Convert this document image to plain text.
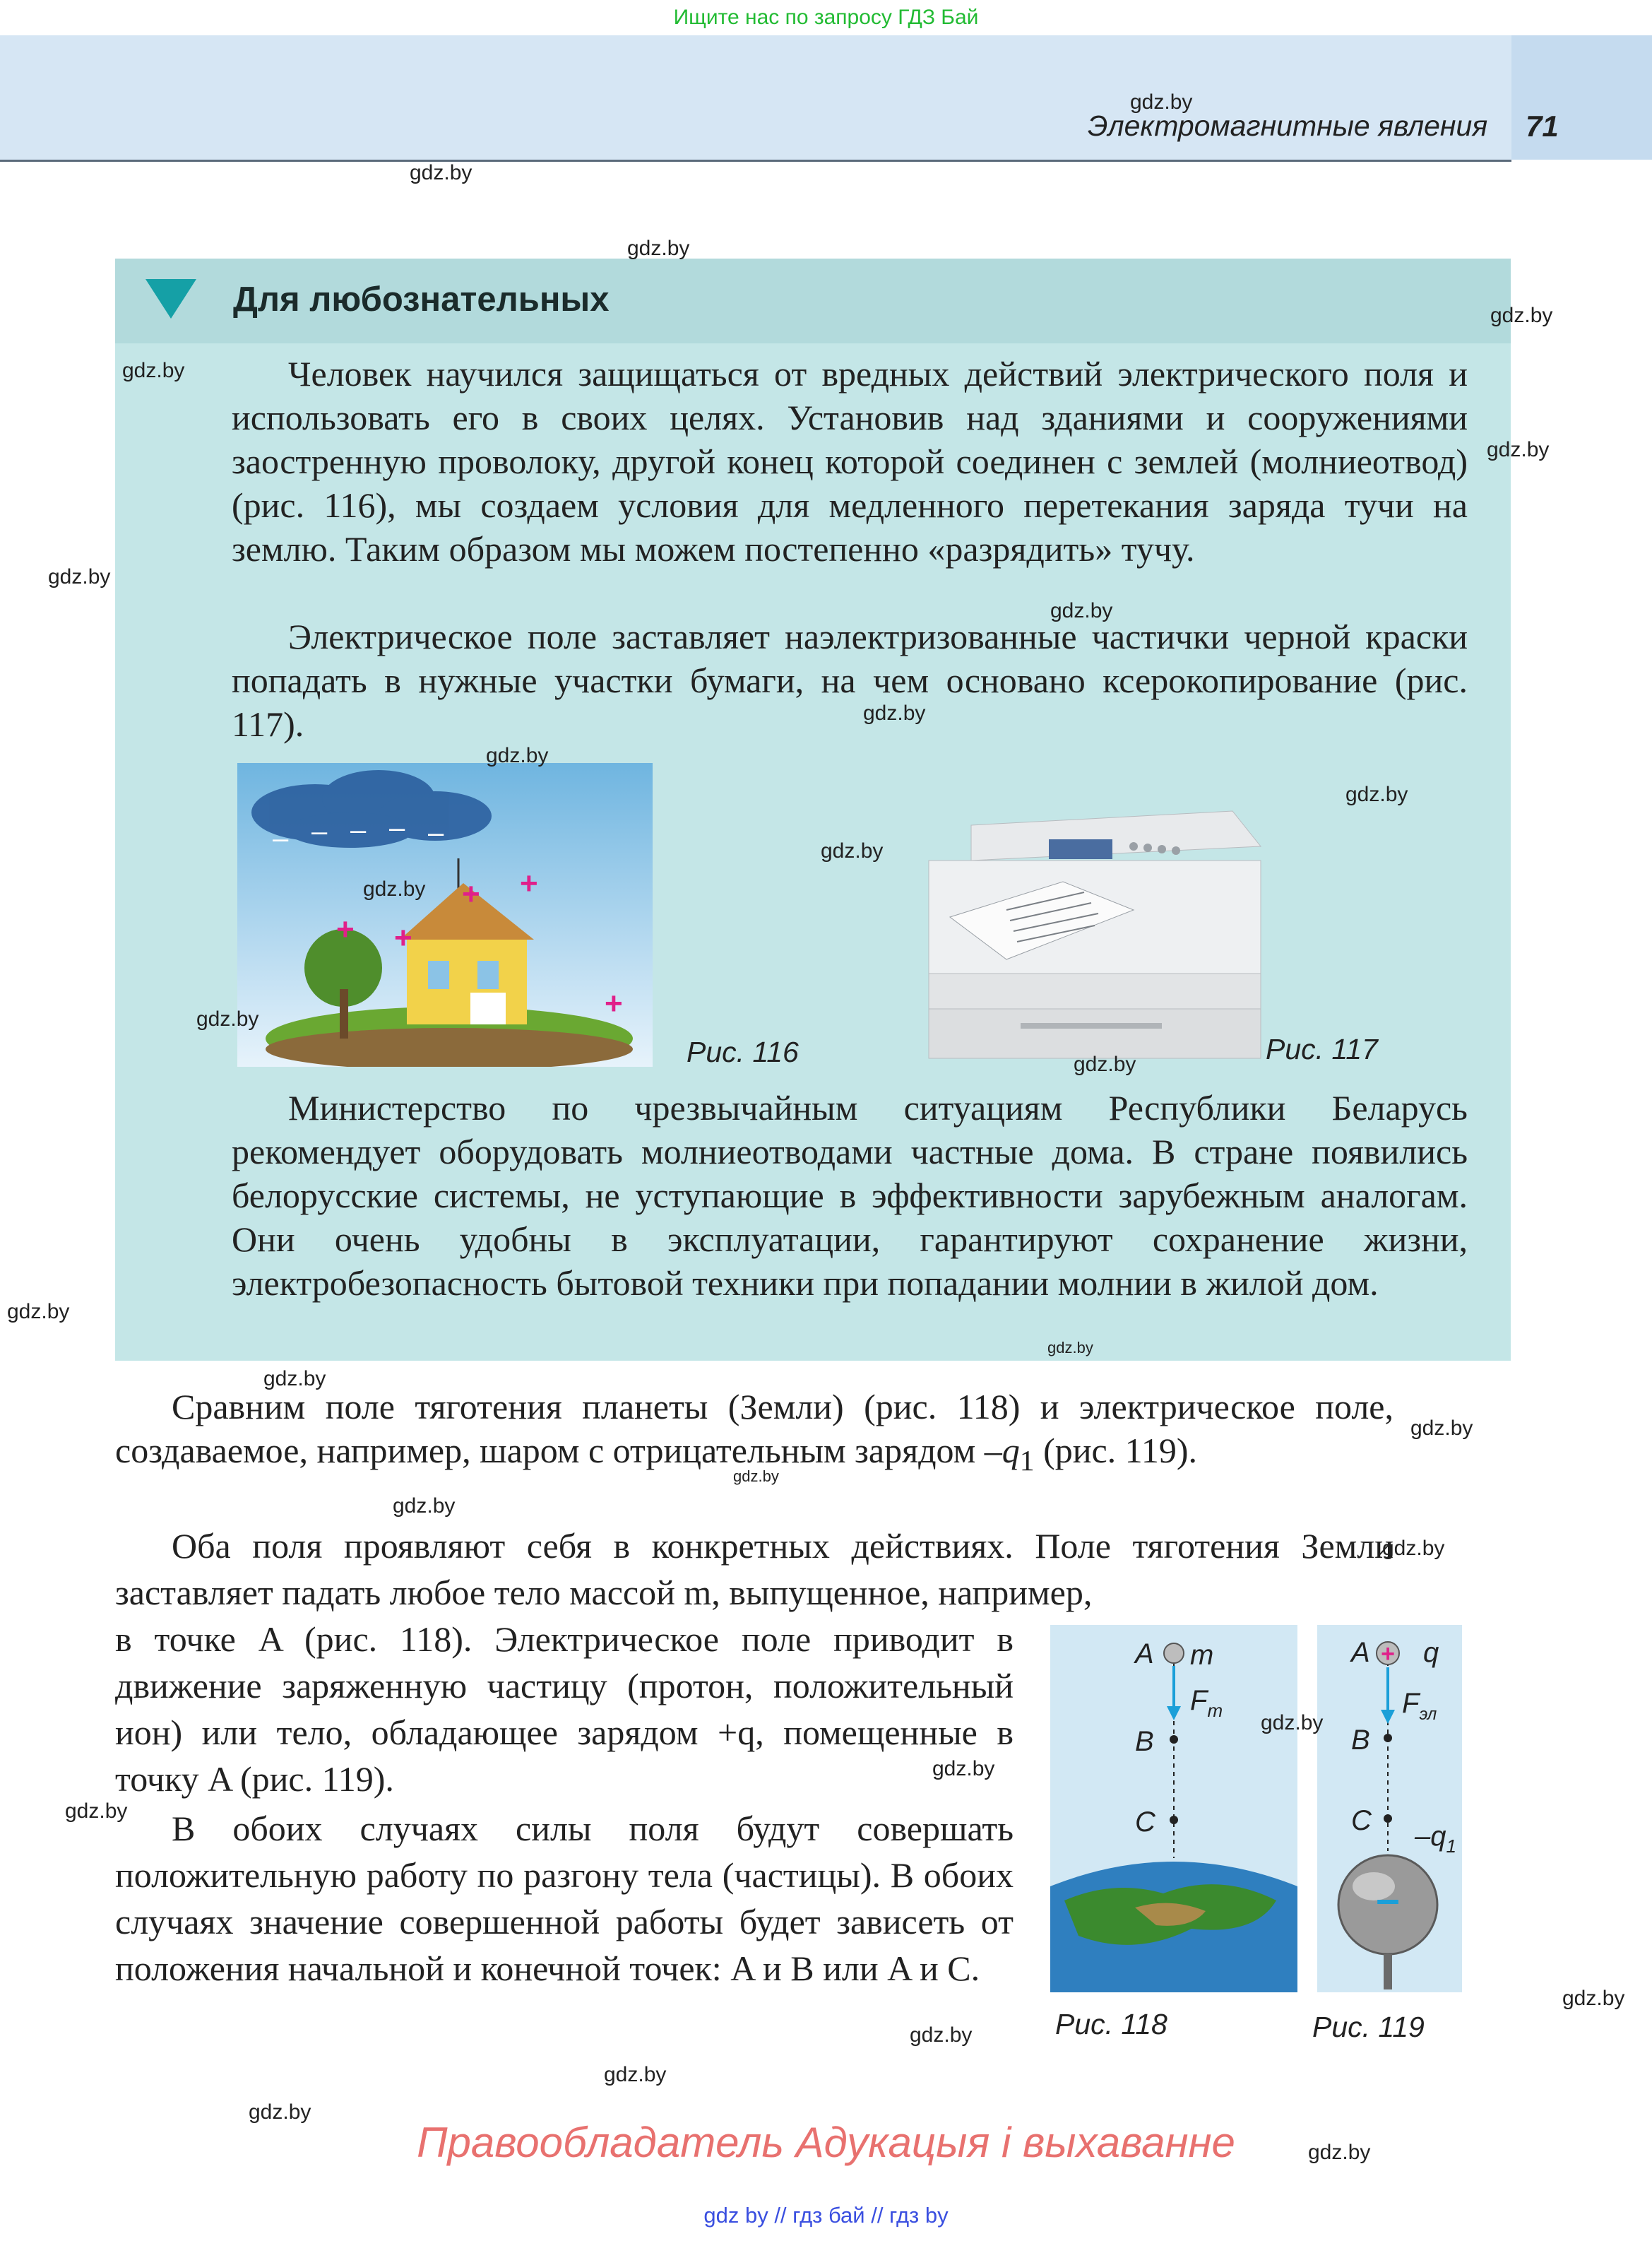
Ищите нас по запросу ГДЗ Бай
Электромагнитные явления 71
Для любознательных

Человек научился защищаться от вредных действий электрического поля и использовать его в своих целях. Установив над зданиями и сооружениями заостренную проволоку, другой конец которой соединен с землей (молниеотвод) (рис. 116), мы создаем условия для медленного перетекания заряда тучи на землю. Таким образом мы можем постепенно «разрядить» тучу.

Электрическое поле заставляет наэлектризованные частички черной краски попадать в нужные участки бумаги, на чем основано ксерокопирование (рис. 117).

– – – – –
+ +
+
+
+
Рис. 116	Рис. 117

Министерство по чрезвычайным ситуациям Республики Беларусь рекомендует оборудовать молниеотводами частные дома. В стране появились белорусские системы, не уступающие в эффективности зарубежным аналогам. Они очень удобны в эксплуатации, гарантируют сохранение жизни, электробезопасность бытовой техники при попадании молнии в жилой дом.

Сравним поле тяготения планеты (Земли) (рис. 118) и электрическое поле, создаваемое, например, шаром с отрицательным зарядом $-q_1$ (рис. 119).

Оба поля проявляют себя в конкретных действиях. Поле тяготения Земли заставляет падать любое тело массой m, выпущенное, например,

в точке A (рис. 118). Электрическое поле приводит в движение заряженную частицу (протон, положительный ион) или тело, обладающее зарядом +q, помещенные в точку A (рис. 119).

В обоих случаях силы поля будут совершать положительную работу по разгону тела (частицы). В обоих случаях значение совершенной работы будет зависеть от положения начальной и конечной точек: A и B или A и C.

A m
$F_т$
B
C
Рис. 118
+
–
A q
$F_{эл}$
B
C $-q_1$
Рис. 119
gdz.by
gdz.by
gdz.by
gdz.by
gdz.by
gdz.by
gdz.by
gdz.by
gdz.by
gdz.by
gdz.by
gdz.by
gdz.by
gdz.by
gdz.by
gdz.by
gdz.by
gdz.by
gdz.by
gdz.by
gdz.by
gdz.by
gdz.by
gdz.by
gdz.by
gdz.by
gdz.by
gdz.by
gdz.by
gdz.by
Правообладатель Адукацыя і выхаванне
gdz by // гдз бай // гдз by
